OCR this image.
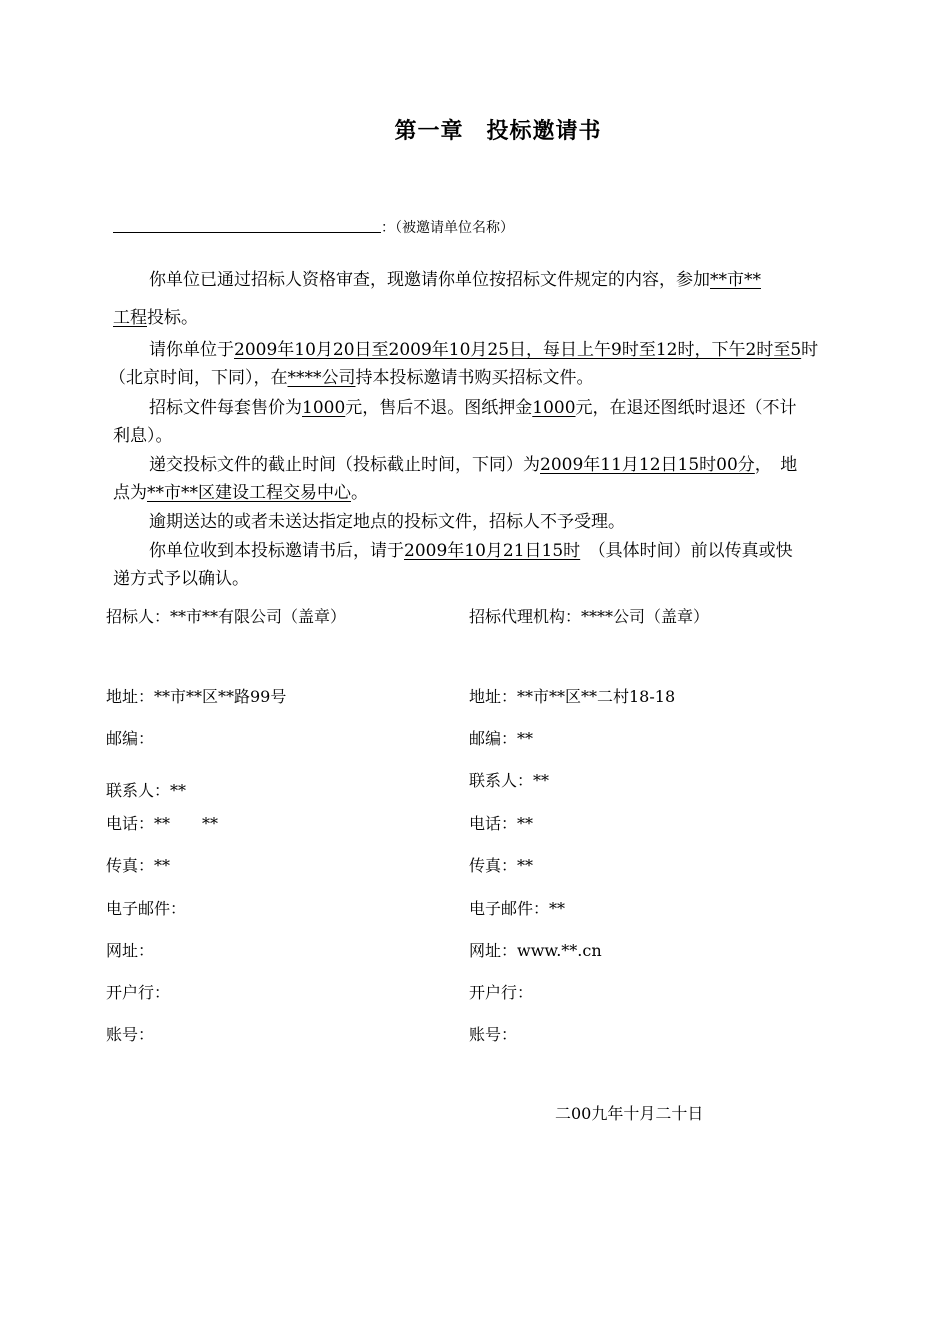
第一章　投标邀请书
：（被邀请单位名称）
你单位已通过招标人资格审查，现邀请你单位按招标文件规定的内容，参加**市**
工程投标。
请你单位于2009年10月20日至2009年10月25日，每日上午9时至12时，下午2时至5时
（北京时间，下同），在****公司持本投标邀请书购买招标文件。
招标文件每套售价为1000元，售后不退。图纸押金1000元，在退还图纸时退还（不计
利息）。
递交投标文件的截止时间（投标截止时间，下同）为2009年11月12日15时00分，　地
点为**市**区建设工程交易中心。
逾期送达的或者未送达指定地点的投标文件，招标人不予受理。
你单位收到本投标邀请书后，请于2009年10月21日15时　（具体时间）前以传真或快
递方式予以确认。
招标人：**市**有限公司（盖章）
地址：**市**区**路99号
邮编：
联系人：**
电话：**　　**
传真：**
电子邮件：
网址：
开户行：
账号：
招标代理机构：****公司（盖章）
地址：**市**区**二村18-18
邮编：**
联系人：**
电话：**
传真：**
电子邮件：**
网址：www.**.cn
开户行：
账号：
二00九年十月二十日
